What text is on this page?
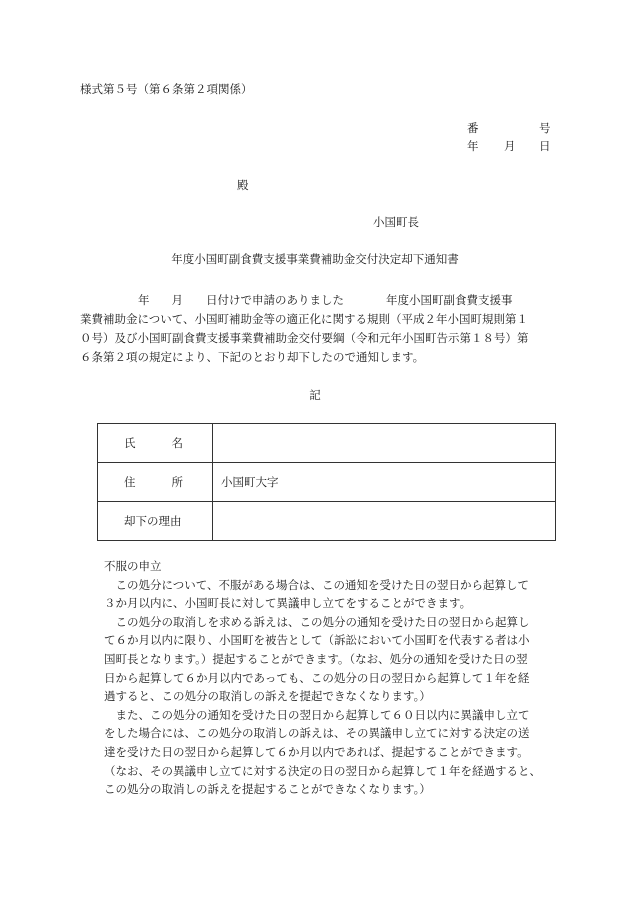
様式第５号（第６条第２項関係）
番	号
年 月 日
殿
小国町長
年度小国町副食費支援事業費補助金交付決定却下通知書
年 月 日付けで申請のありました	年度小国町副食費支援事
業費補助金について、小国町補助金等の適正化に関する規則（平成２年小国町規則第１
０号）及び小国町副食費支援事業費補助金交付要綱（令和元年小国町告示第１８号）第
６条第２項の規定により、下記のとおり却下したので通知します。
記
氏 名	
住 所	小国町大字
却下の理由	
不服の申立
　この処分について、不服がある場合は、この通知を受けた日の翌日から起算して
３か月以内に、小国町長に対して異議申し立てをすることができます。
　この処分の取消しを求める訴えは、この処分の通知を受けた日の翌日から起算し
て６か月以内に限り、小国町を被告として（訴訟において小国町を代表する者は小
国町長となります。）提起することができます。（なお、処分の通知を受けた日の翌
日から起算して６か月以内であっても、この処分の日の翌日から起算して１年を経
過すると、この処分の取消しの訴えを提起できなくなります。）
　また、この処分の通知を受けた日の翌日から起算して６０日以内に異議申し立て
をした場合には、この処分の取消しの訴えは、その異議申し立てに対する決定の送
達を受けた日の翌日から起算して６か月以内であれば、提起することができます。
（なお、その異議申し立てに対する決定の日の翌日から起算して１年を経過すると、
この処分の取消しの訴えを提起することができなくなります。）
